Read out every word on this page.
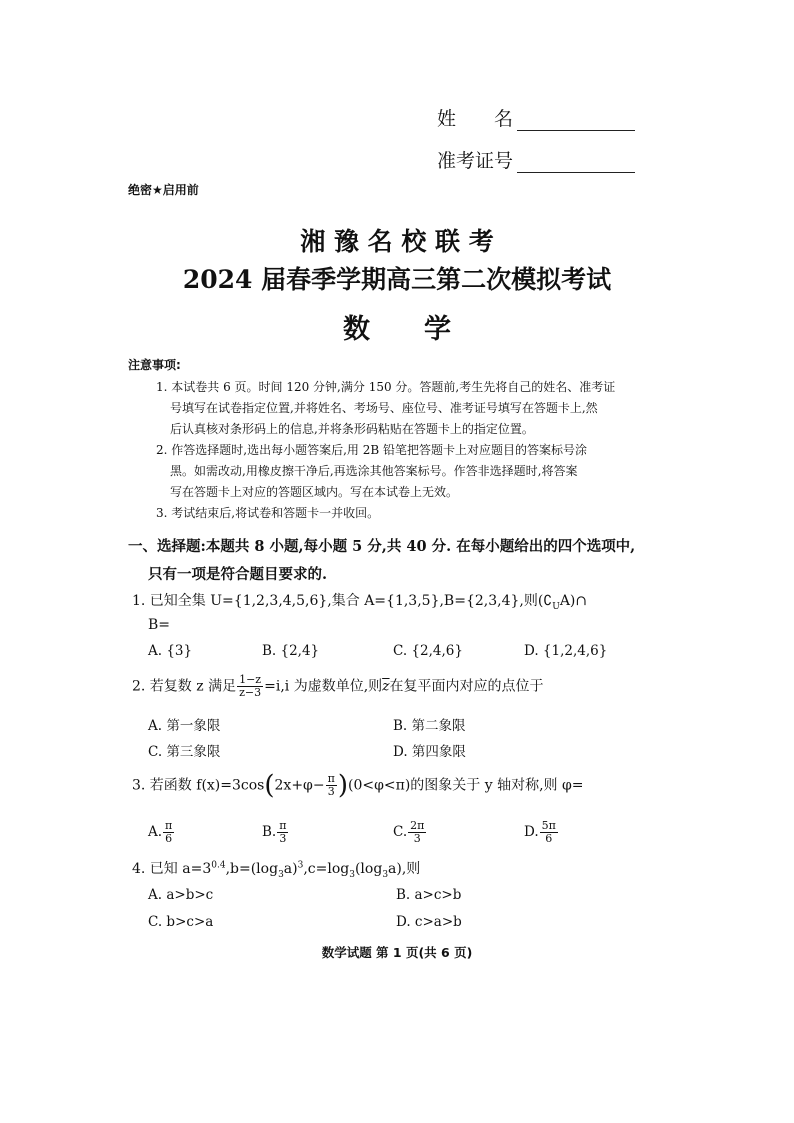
姓　　名
准考证号
绝密★启用前
湘 豫 名 校 联 考
2024 届春季学期高三第二次模拟考试
数　　学
注意事项:
1. 本试卷共 6 页。时间 120 分钟,满分 150 分。答题前,考生先将自己的姓名、准考证
号填写在试卷指定位置,并将姓名、考场号、座位号、准考证号填写在答题卡上,然
后认真核对条形码上的信息,并将条形码粘贴在答题卡上的指定位置。
2. 作答选择题时,选出每小题答案后,用 2B 铅笔把答题卡上对应题目的答案标号涂
黑。如需改动,用橡皮擦干净后,再选涂其他答案标号。作答非选择题时,将答案
写在答题卡上对应的答题区域内。写在本试卷上无效。
3. 考试结束后,将试卷和答题卡一并收回。
一、选择题:本题共 8 小题,每小题 5 分,共 40 分. 在每小题给出的四个选项中,
只有一项是符合题目要求的.
1. 已知全集 U={1,2,3,4,5,6},集合 A={1,3,5},B={2,3,4},则$(∁_UA)\cap$
B=
A. {3}	B. {2,4}	C. {2,4,6}	D. {1,2,4,6}
2. 若复数 z 满足 $\frac{1-z}{z-3} =i,i$ 为虚数单位,则$\overline{z}$在复平面内对应的点位于
A. 第一象限	B. 第二象限
C. 第三象限	D. 第四象限
3. 若函数 $f(x)=3\cos(2x+\varphi- \frac{\pi}{3} )(0<\varphi<\pi)$的图象关于 y 轴对称,则 φ=
A. $\frac{\pi}{6}$	B. $\frac{\pi}{3}$	C. $\frac{2\pi}{3}$	D. $\frac{5\pi}{6}$
4. 已知 $a=3^{0.4},b=(\log_3a)^3,c=\log_3(\log_3a)$,则
A. a>b>c	B. a>c>b
C. b>c>a	D. c>a>b
数学试题 第 1 页(共 6 页)
